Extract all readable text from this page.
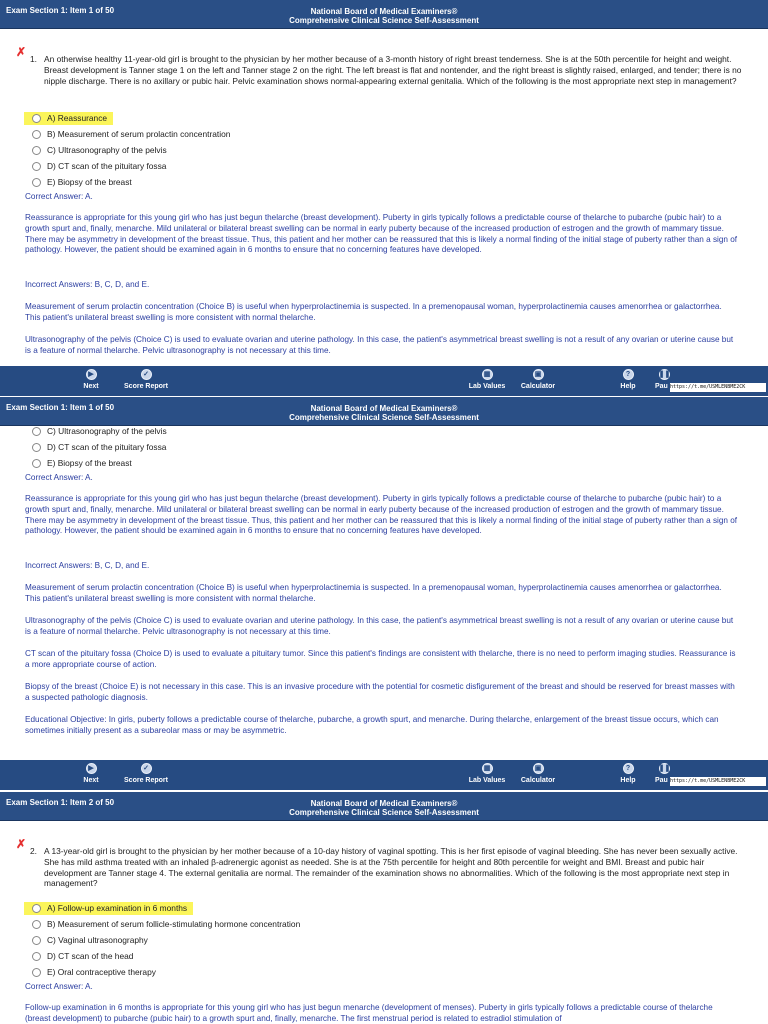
Exam Section 1: Item 1 of 50	National Board of Medical Examiners®
Comprehensive Clinical Science Self-Assessment
✗ 1. An otherwise healthy 11-year-old girl is brought to the physician by her mother because of a 3-month history of right breast tenderness. She is at the 50th percentile for height and weight. Breast development is Tanner stage 1 on the left and Tanner stage 2 on the right. The left breast is flat and nontender, and the right breast is slightly raised, enlarged, and tender; there is no nipple discharge. There is no axillary or pubic hair. Pelvic examination shows normal-appearing external genitalia. Which of the following is the most appropriate next step in management?
A) Reassurance
B) Measurement of serum prolactin concentration
C) Ultrasonography of the pelvis
D) CT scan of the pituitary fossa
E) Biopsy of the breast

Correct Answer: A.

Reassurance is appropriate for this young girl who has just begun thelarche (breast development). Puberty in girls typically follows a predictable course of thelarche to pubarche (pubic hair) to a growth spurt and, finally, menarche. Mild unilateral or bilateral breast swelling can be normal in early puberty because of the increased production of estrogen and the growth of mammary tissue. There may be asymmetry in development of the breast tissue. Thus, this patient and her mother can be reassured that this is likely a normal finding of the initial stage of puberty rather than a sign of pathology. However, the patient should be examined again in 6 months to ensure that no concerning features have developed.

Incorrect Answers: B, C, D, and E.

Measurement of serum prolactin concentration (Choice B) is useful when hyperprolactinemia is suspected. In a premenopausal woman, hyperprolactinemia causes amenorrhea or galactorrhea. This patient's unilateral breast swelling is more consistent with normal thelarche.

Ultrasonography of the pelvis (Choice C) is used to evaluate ovarian and uterine pathology. In this case, the patient's asymmetrical breast swelling is not a result of any ovarian or uterine cause but is a feature of normal thelarche. Pelvic ultrasonography is not necessary at this time.

▶
Next
✓
Score Report
▦
Lab Values
▣
Calculator
?
Help
❚❚
Pau https://t.me/USMLENBME2CK
Exam Section 1: Item 1 of 50	National Board of Medical Examiners®
Comprehensive Clinical Science Self-Assessment
C) Ultrasonography of the pelvis
D) CT scan of the pituitary fossa
E) Biopsy of the breast

Correct Answer: A.

Reassurance is appropriate for this young girl who has just begun thelarche (breast development). Puberty in girls typically follows a predictable course of thelarche to pubarche (pubic hair) to a growth spurt and, finally, menarche. Mild unilateral or bilateral breast swelling can be normal in early puberty because of the increased production of estrogen and the growth of mammary tissue. There may be asymmetry in development of the breast tissue. Thus, this patient and her mother can be reassured that this is likely a normal finding of the initial stage of puberty rather than a sign of pathology. However, the patient should be examined again in 6 months to ensure that no concerning features have developed.

Incorrect Answers: B, C, D, and E.

Measurement of serum prolactin concentration (Choice B) is useful when hyperprolactinemia is suspected. In a premenopausal woman, hyperprolactinemia causes amenorrhea or galactorrhea. This patient's unilateral breast swelling is more consistent with normal thelarche.

Ultrasonography of the pelvis (Choice C) is used to evaluate ovarian and uterine pathology. In this case, the patient's asymmetrical breast swelling is not a result of any ovarian or uterine cause but is a feature of normal thelarche. Pelvic ultrasonography is not necessary at this time.

CT scan of the pituitary fossa (Choice D) is used to evaluate a pituitary tumor. Since this patient's findings are consistent with thelarche, there is no need to perform imaging studies. Reassurance is a more appropriate course of action.

Biopsy of the breast (Choice E) is not necessary in this case. This is an invasive procedure with the potential for cosmetic disfigurement of the breast and should be reserved for breast masses with a suspected pathologic diagnosis.

Educational Objective: In girls, puberty follows a predictable course of thelarche, pubarche, a growth spurt, and menarche. During thelarche, enlargement of the breast tissue occurs, which can sometimes initially present as a subareolar mass or may be asymmetric.

▶
Next
✓
Score Report
▦
Lab Values
▣
Calculator
?
Help
❚❚
Pau https://t.me/USMLENBME2CK
Exam Section 1: Item 2 of 50	National Board of Medical Examiners®
Comprehensive Clinical Science Self-Assessment
✗ 2. A 13-year-old girl is brought to the physician by her mother because of a 10-day history of vaginal spotting. This is her first episode of vaginal bleeding. She has never been sexually active. She has mild asthma treated with an inhaled β-adrenergic agonist as needed. She is at the 75th percentile for height and 80th percentile for weight and BMI. Breast and pubic hair development are Tanner stage 4. The external genitalia are normal. The remainder of the examination shows no abnormalities. Which of the following is the most appropriate next step in management?
A) Follow-up examination in 6 months
B) Measurement of serum follicle-stimulating hormone concentration
C) Vaginal ultrasonography
D) CT scan of the head
E) Oral contraceptive therapy

Correct Answer: A.

Follow-up examination in 6 months is appropriate for this young girl who has just begun menarche (development of menses). Puberty in girls typically follows a predictable course of thelarche (breast development) to pubarche (pubic hair) to a growth spurt and, finally, menarche. The first menstrual period is related to estradiol stimulation of
